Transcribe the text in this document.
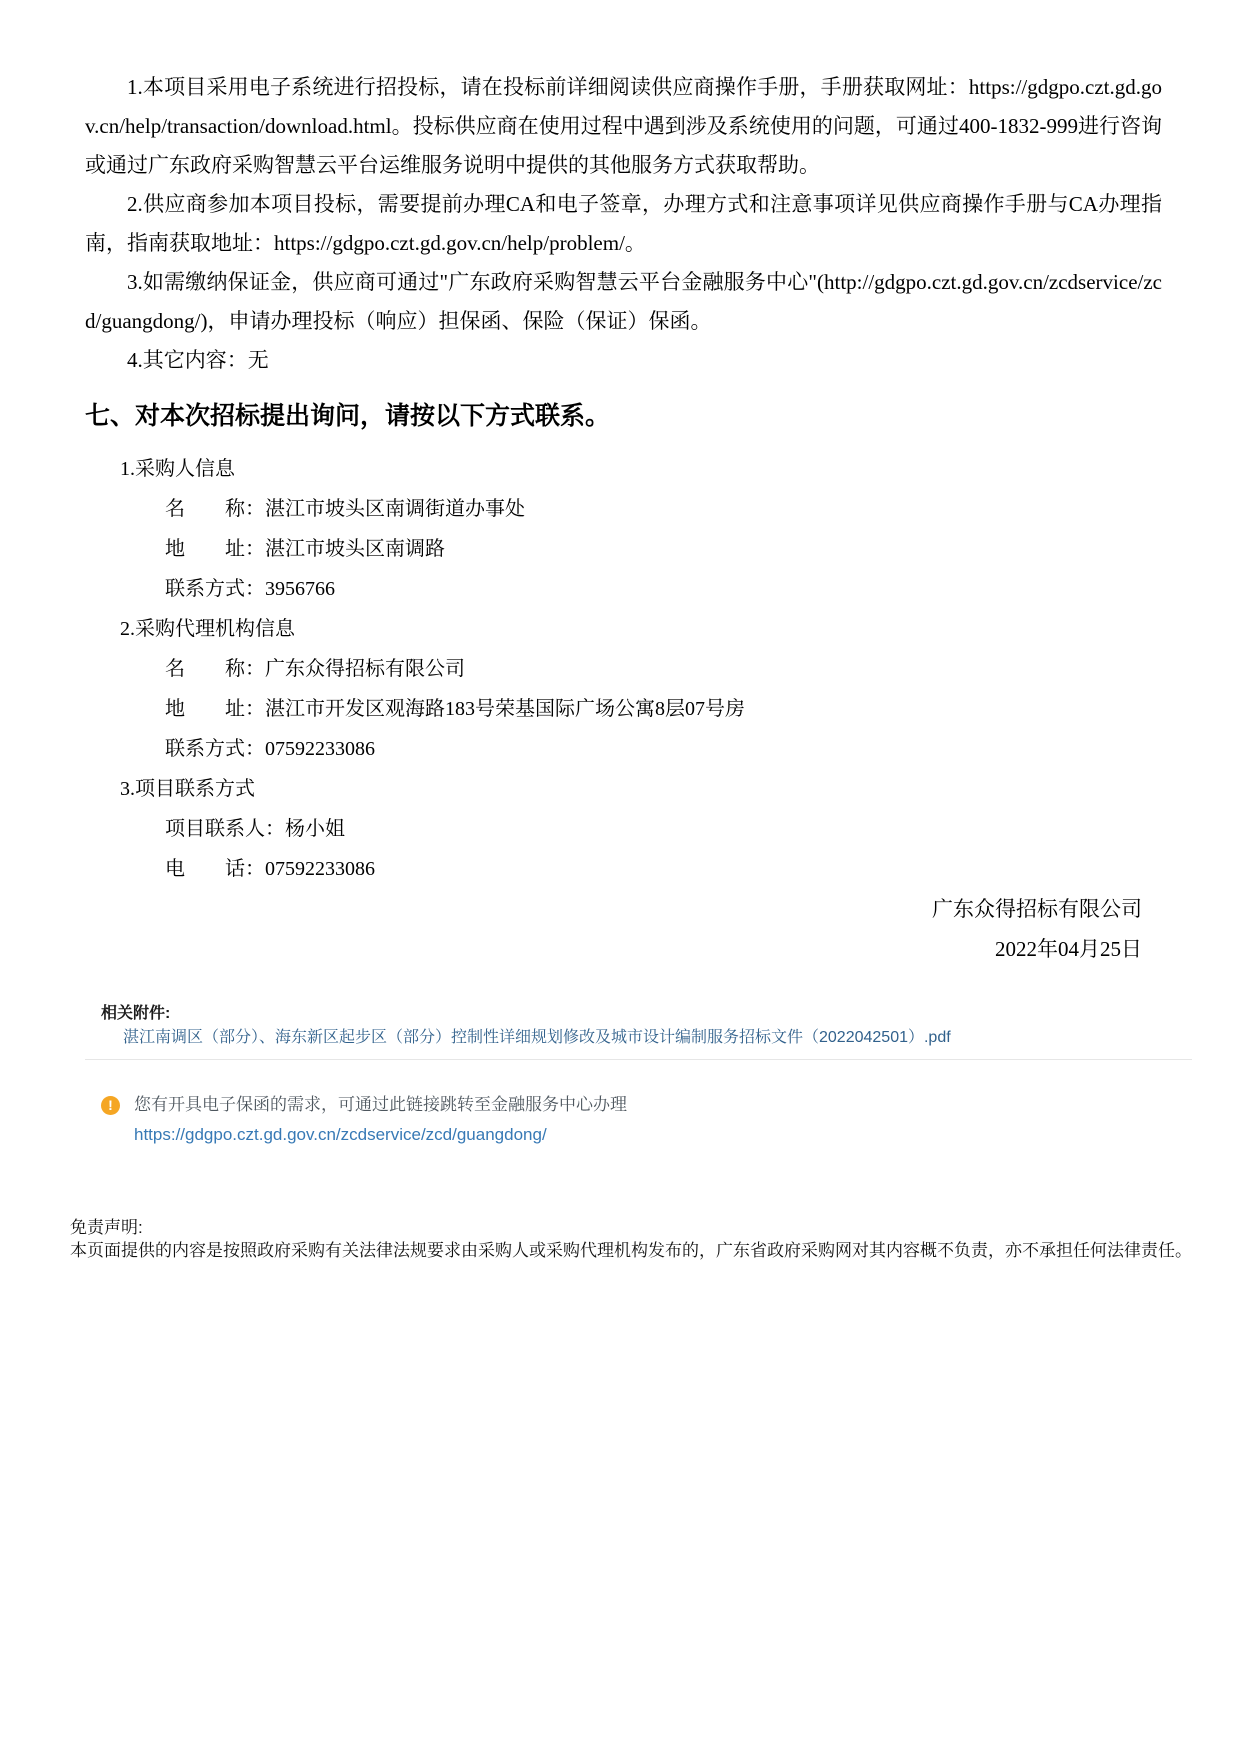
1.本项目采用电子系统进行招投标，请在投标前详细阅读供应商操作手册，手册获取网址：https://gdgpo.czt.gd.gov.cn/help/transaction/download.html。投标供应商在使用过程中遇到涉及系统使用的问题，可通过400-1832-999进行咨询或通过广东政府采购智慧云平台运维服务说明中提供的其他服务方式获取帮助。

2.供应商参加本项目投标，需要提前办理CA和电子签章，办理方式和注意事项详见供应商操作手册与CA办理指南，指南获取地址：https://gdgpo.czt.gd.gov.cn/help/problem/。

3.如需缴纳保证金，供应商可通过"广东政府采购智慧云平台金融服务中心"(http://gdgpo.czt.gd.gov.cn/zcdservice/zcd/guangdong/)，申请办理投标（响应）担保函、保险（保证）保函。

4.其它内容：无

七、对本次招标提出询问，请按以下方式联系。

1.采购人信息

名　　称：湛江市坡头区南调街道办事处

地　　址：湛江市坡头区南调路

联系方式：3956766

2.采购代理机构信息

名　　称：广东众得招标有限公司

地　　址：湛江市开发区观海路183号荣基国际广场公寓8层07号房

联系方式：07592233086

3.项目联系方式

项目联系人：杨小姐

电　　话：07592233086

广东众得招标有限公司
2022年04月25日
相关附件:
湛江南调区（部分）、海东新区起步区（部分）控制性详细规划修改及城市设计编制服务招标文件（2022042501）.pdf
!	您有开具电子保函的需求，可通过此链接跳转至金融服务中心办理
https://gdgpo.czt.gd.gov.cn/zcdservice/zcd/guangdong/

免责声明:

本页面提供的内容是按照政府采购有关法律法规要求由采购人或采购代理机构发布的，广东省政府采购网对其内容概不负责，亦不承担任何法律责任。
